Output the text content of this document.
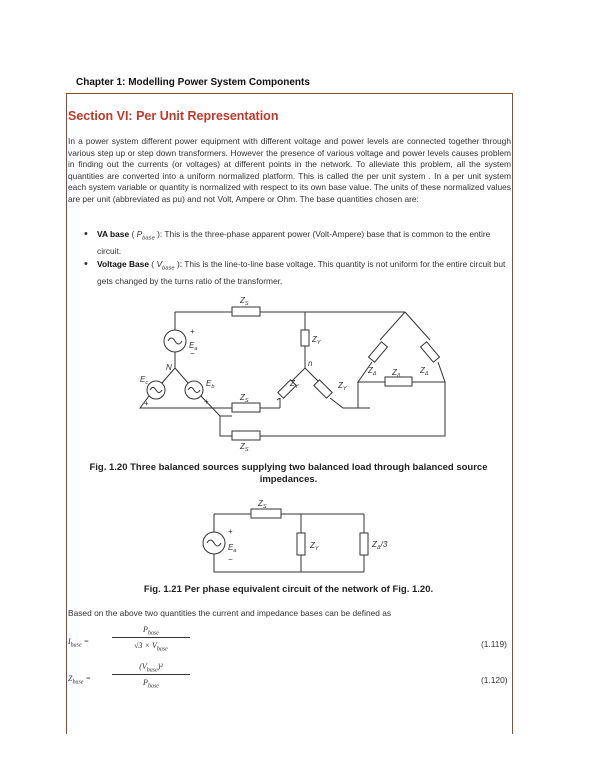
Chapter 1: Modelling Power System Components
Section VI: Per Unit Representation
In a power system different power equipment with different voltage and power levels are connected together through various step up or step down transformers. However the presence of various voltage and power levels causes problem in finding out the currents (or voltages) at different points in the network. To alleviate this problem, all the system quantities are converted into a uniform normalized platform. This is called the per unit system . In a per unit system each system variable or quantity is normalized with respect to its own base value. The units of these normalized values are per unit (abbreviated as pu) and not Volt, Ampere or Ohm. The base quantities chosen are:
• VA base ( $P_{base}$ ): This is the three-phase apparent power (Volt-Ampere) base that is common to the entire circuit.
• Voltage Base ( $V_{base}$ ): This is the line-to-line base voltage. This quantity is not uniform for the entire circuit but gets changed by the turns ratio of the transformer.
$Z_S$
$Z_S$
$Z_S$
$E_a$
$E_c$	$E_b$
N	n
$Z_Y$
$Z_Y$	$Z_Y$
$Z_\Delta$	$Z_\Delta$
$Z_\Delta$
+
−
+	+
Fig. 1.20 Three balanced sources supplying two balanced load through balanced source impedances.
$Z_S$
$E_a$
$Z_Y$	$Z_\Delta/3$
+
−
Fig. 1.21 Per phase equivalent circuit of the network of Fig. 1.20.
Based on the above two quantities the current and impedance bases can be defined as
$I_{base}$ =
$P_{base}$
$√3 \times V_{base}$
(1.119)
$Z_{base}$ =
$(V_{base})^2$
$P_{base}$
(1.120)
